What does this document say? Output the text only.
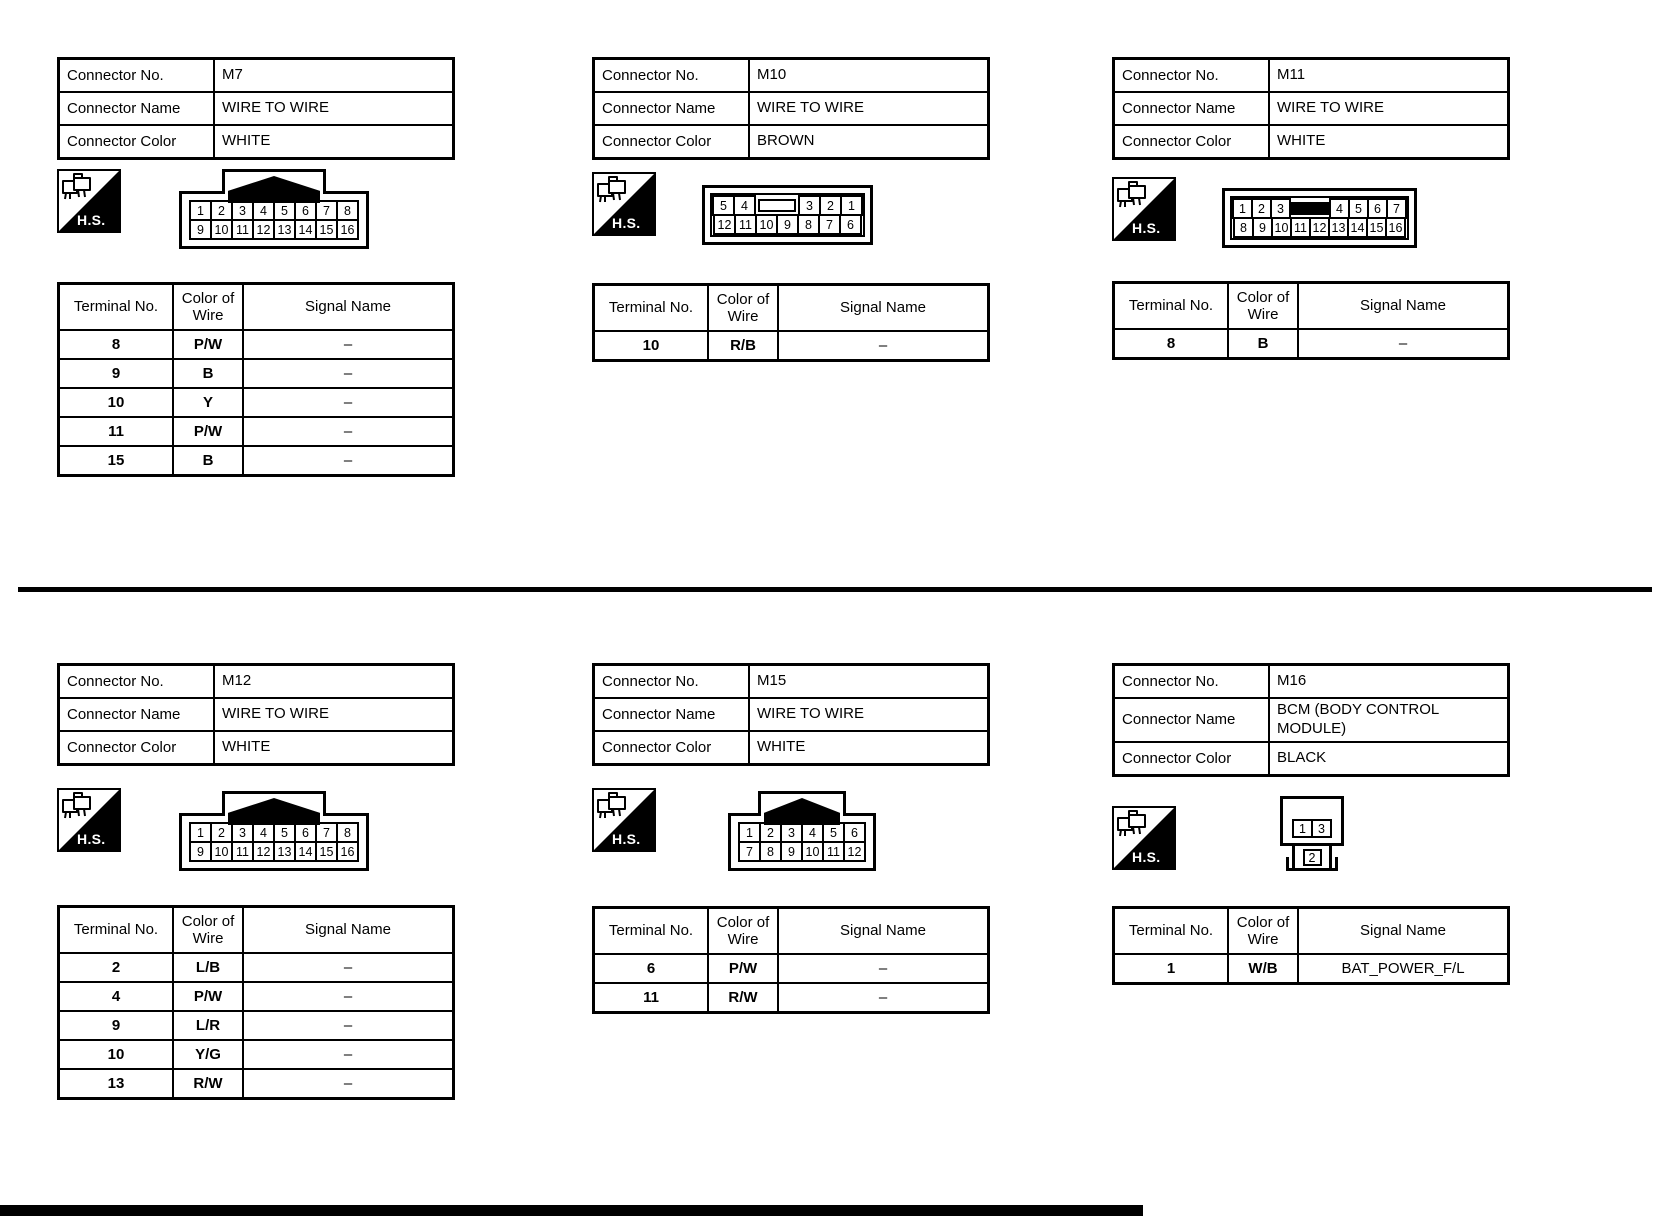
Connector No.	M7
Connector Name	WIRE TO WIRE
Connector Color	WHITE
H.S.
1	2	3	4	5	6	7	8
9 10 11 12 13 14 15 16
Terminal No.	Color of Wire	Signal Name
8	P/W	–
9	B	–
10	Y	–
11	P/W	–
15	B	–
Connector No.	M10
Connector Name	WIRE TO WIRE
Connector Color	BROWN
H.S.
5	4	3	2	1
12 11 10 9	8	7	6
Terminal No.	Color of Wire	Signal Name
10	R/B	–
Connector No.	M11
Connector Name	WIRE TO WIRE
Connector Color	WHITE
H.S.
1 2 3	4 5 6 7
8 9 10 11 12 13 14 15 16
Terminal No.	Color of Wire	Signal Name
8	B	–
Connector No.	M12
Connector Name	WIRE TO WIRE
Connector Color	WHITE
H.S.	1	2	3	4	5	6	7	8
9 10 11 12 13 14 15 16
Terminal No.	Color of Wire	Signal Name
2	L/B	–
4	P/W	–
9	L/R	–
10	Y/G	–
13	R/W	–
Connector No.	M15
Connector Name	WIRE TO WIRE
Connector Color	WHITE
H.S.	1	2	3	4	5	6
7	8	9 10 11 12
Terminal No.	Color of Wire	Signal Name
6	P/W	–
11	R/W	–
Connector No.	M16
Connector Name	BCM (BODY CONTROL MODULE)
Connector Color	BLACK
H.S.
1 3
2
Terminal No.	Color of Wire	Signal Name
1	W/B	BAT_POWER_F/L
